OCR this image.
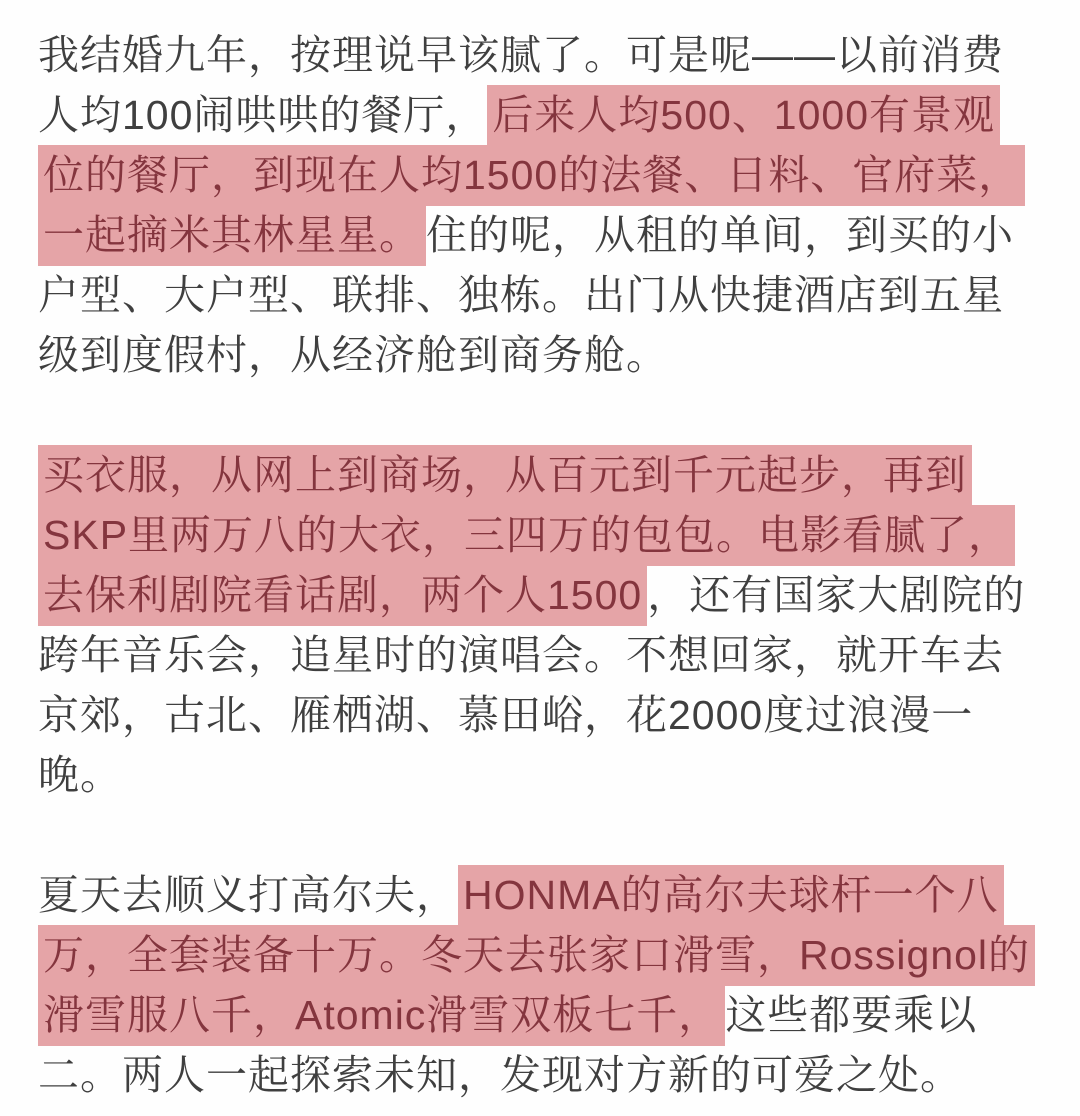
我结婚九年，按理说早该腻了。可是呢——以前消费
人均100闹哄哄的餐厅， 后来人均500、1000有景观
位的餐厅，到现在人均1500的法餐、日料、官府菜，
一起摘米其林星星。 住的呢，从租的单间，到买的小
户型、大户型、联排、独栋。出门从快捷酒店到五星
级到度假村，从经济舱到商务舱。

买衣服，从网上到商场，从百元到千元起步，再到
SKP里两万八的大衣，三四万的包包。电影看腻了，
去保利剧院看话剧，两个人1500 ，还有国家大剧院的
跨年音乐会，追星时的演唱会。不想回家，就开车去
京郊，古北、雁栖湖、慕田峪，花2000度过浪漫一
晚。

夏天去顺义打高尔夫， HONMA的高尔夫球杆一个八
万，全套装备十万。冬天去张家口滑雪，Rossignol的
滑雪服八千，Atomic滑雪双板七千， 这些都要乘以
二。两人一起探索未知，发现对方新的可爱之处。
